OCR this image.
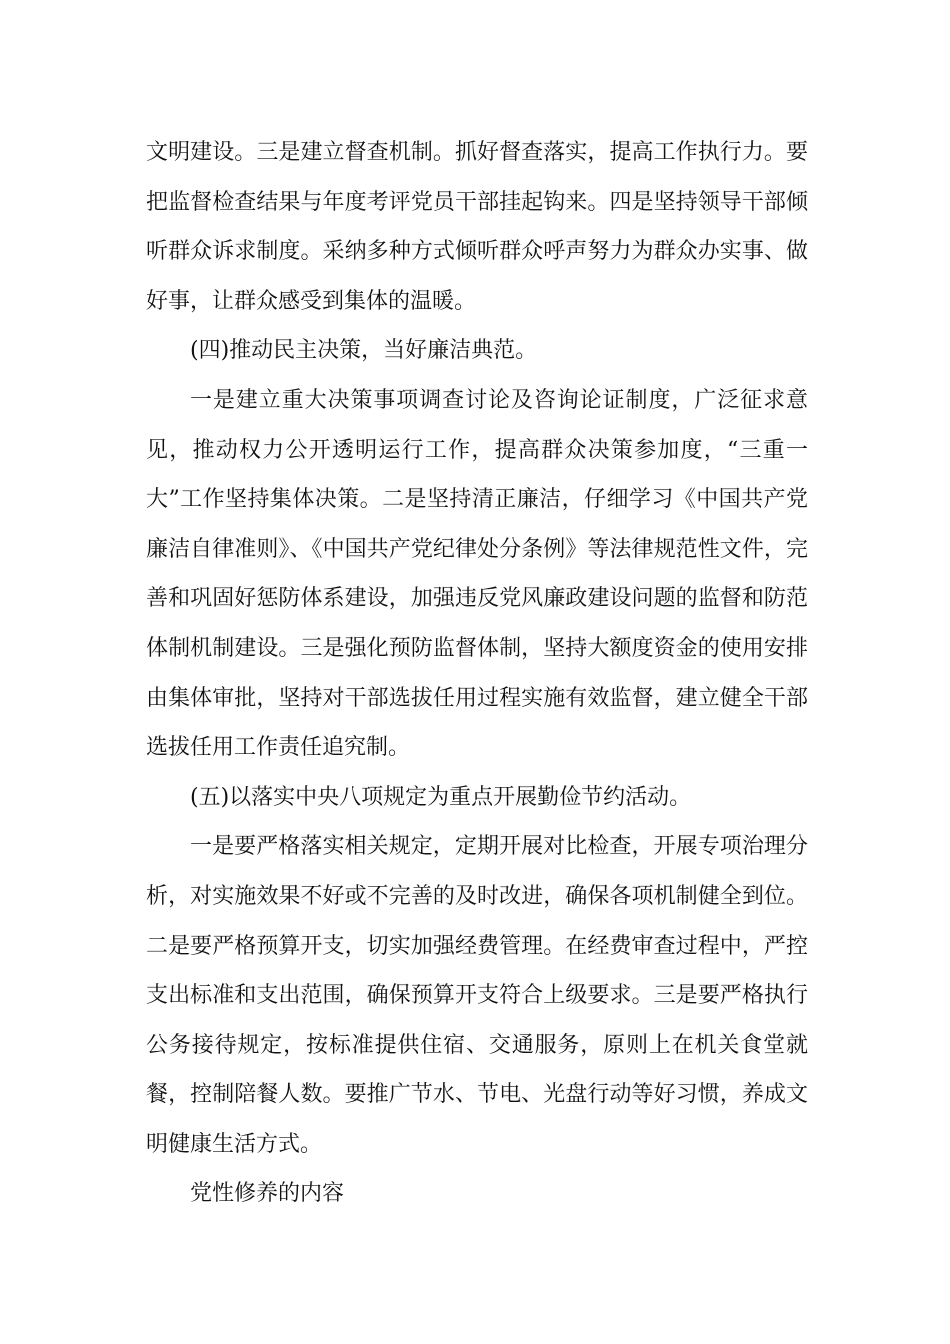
文明建设。三是建立督查机制。抓好督查落实，提高工作执行力。要把监督检查结果与年度考评党员干部挂起钩来。四是坚持领导干部倾听群众诉求制度。采纳多种方式倾听群众呼声努力为群众办实事、做好事，让群众感受到集体的温暖。

(四)推动民主决策，当好廉洁典范。

一是建立重大决策事项调查讨论及咨询论证制度，广泛征求意见，推动权力公开透明运行工作，提高群众决策参加度，“三重一大”工作坚持集体决策。二是坚持清正廉洁，仔细学习《中国共产党廉洁自律准则》、《中国共产党纪律处分条例》等法律规范性文件，完善和巩固好惩防体系建设，加强违反党风廉政建设问题的监督和防范体制机制建设。三是强化预防监督体制，坚持大额度资金的使用安排由集体审批，坚持对干部选拔任用过程实施有效监督，建立健全干部选拔任用工作责任追究制。

(五)以落实中央八项规定为重点开展勤俭节约活动。

一是要严格落实相关规定，定期开展对比检查，开展专项治理分析，对实施效果不好或不完善的及时改进，确保各项机制健全到位。二是要严格预算开支，切实加强经费管理。在经费审查过程中，严控支出标准和支出范围，确保预算开支符合上级要求。三是要严格执行公务接待规定，按标准提供住宿、交通服务，原则上在机关食堂就餐，控制陪餐人数。要推广节水、节电、光盘行动等好习惯，养成文明健康生活方式。

党性修养的内容
